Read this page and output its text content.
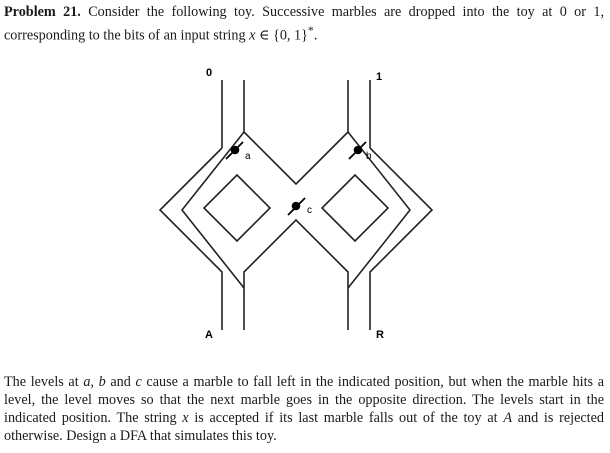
Problem 21. Consider the following toy. Successive marbles are dropped into the toy at 0 or 1, corresponding to the bits of an input string x ∈ {0, 1}*.
0	1
A	R
a	b
c
The levels at a, b and c cause a marble to fall left in the indicated position, but when the marble hits a level, the level moves so that the next marble goes in the opposite direction. The levels start in the indicated position. The string x is accepted if its last marble falls out of the toy at A and is rejected otherwise. Design a DFA that simulates this toy.
